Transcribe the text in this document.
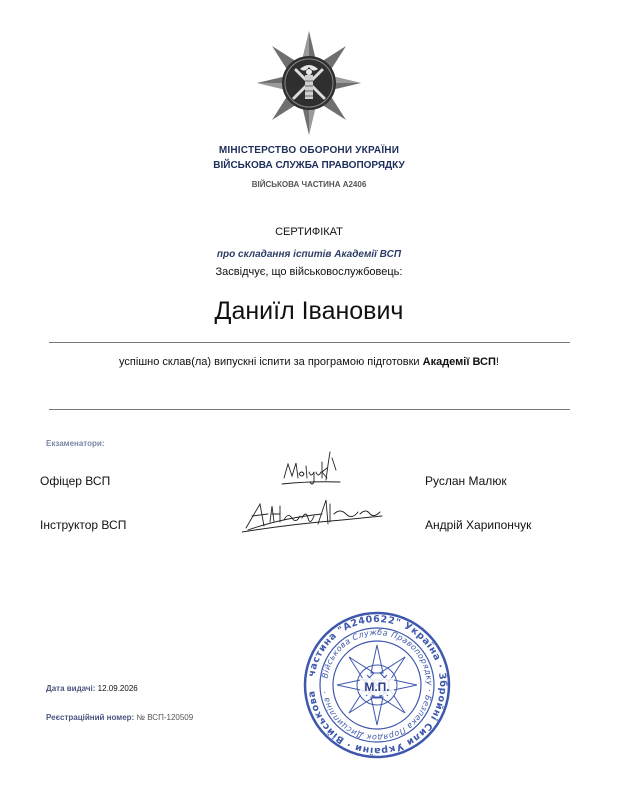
МІНІСТЕРСТВО ОБОРОНИ УКРАЇНИ
ВІЙСЬКОВА СЛУЖБА ПРАВОПОРЯДКУ
ВІЙСЬКОВА ЧАСТИНА А2406
СЕРТИФІКАТ
про складання іспитів Академії ВСП
Засвідчує, що військовослужбовець:
Даниїл Іванович
успішно склав(ла) випускні іспити за програмою підготовки Академії ВСП!
Екзаменатори:
Офіцер ВСП	Руслан Малюк
Інструктор ВСП	Андрій Харипончук
Дата видачі: 12.09.2026
Реєстраційний номер: № ВСП-120509
частина "А240622" Україна · Збройні Сили України · Військова
Військова Служба Правопорядку · Безпека Порядок Дисципліна ·	М.П.
